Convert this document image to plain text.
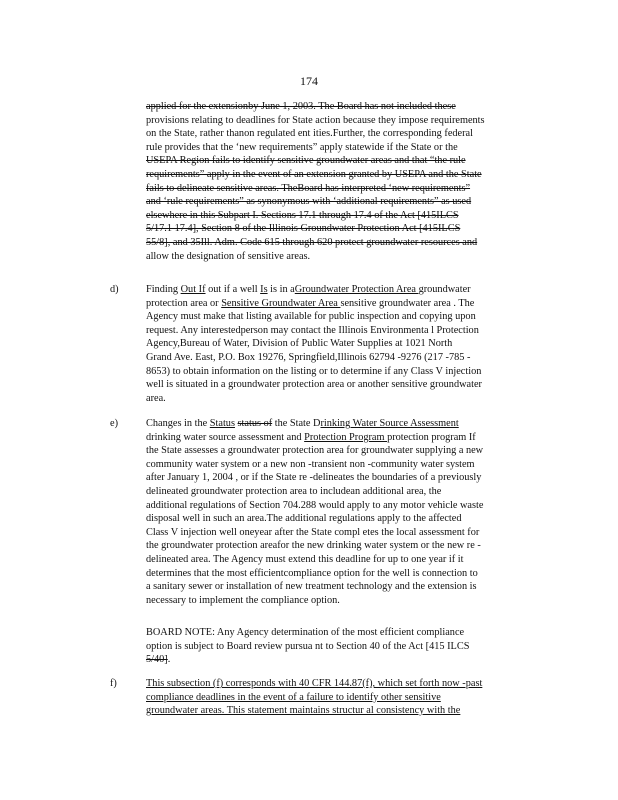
174
applied for the extensionby June 1, 2003. The Board has not included these
provisions relating to deadlines for State action because they impose requirements
on the State, rather thanon regulated ent ities.Further, the corresponding federal
rule provides that the ‘new requirements” apply statewide if the State or the
USEPA Region fails to identify sensitive groundwater areas and that “the rule
requirements” apply in the event of an extension granted by USEPA and the State
fails to delineate sensitive areas. TheBoard has interpreted ‘new requirements”
and ‘rule requirements” as synonymous with ‘additional requirements” as used
elsewhere in this Subpart I. Sections 17.1 through 17.4 of the Act [415ILCS
5/17.1 17.4], Section 8 of the Illinois Groundwater Protection Act [415ILCS
55/8], and 35Ill. Adm. Code 615 through 620 protect groundwater resources and
allow the designation of sensitive areas.
d)	Finding Out If out if a well Is is in aGroundwater Protection Area groundwater
protection area or Sensitive Groundwater Area sensitive groundwater area . The
Agency must make that listing available for public inspection and copying upon
request. Any interestedperson may contact the Illinois Environmenta l Protection
Agency,Bureau of Water, Division of Public Water Supplies at 1021 North
Grand Ave. East, P.O. Box 19276, Springfield,Illinois 62794 -9276 (217 -785 -
8653) to obtain information on the listing or to determine if any Class V injection
well is situated in a groundwater protection area or another sensitive groundwater
area.
e)	Changes in the Status status of the State Drinking Water Source Assessment
drinking water source assessment and Protection Program protection program If
the State assesses a groundwater protection area for groundwater supplying a new
community water system or a new non -transient non -community water system
after January 1, 2004 , or if the State re -delineates the boundaries of a previously
delineated groundwater protection area to includean additional area, the
additional regulations of Section 704.288 would apply to any motor vehicle waste
disposal well in such an area.The additional regulations apply to the affected
Class V injection well oneyear after the State compl etes the local assessment for
the groundwater protection areafor the new drinking water system or the new re -
delineated area. The Agency must extend this deadline for up to one year if it
determines that the most efficientcompliance option for the well is connection to
a sanitary sewer or installation of new treatment technology and the extension is
necessary to implement the compliance option.
BOARD NOTE: Any Agency determination of the most efficient compliance
option is subject to Board review pursua nt to Section 40 of the Act [415 ILCS
5/40].
f)	This subsection (f) corresponds with 40 CFR 144.87(f), which set forth now -past
compliance deadlines in the event of a failure to identify other sensitive
groundwater areas. This statement maintains structur al consistency with the
